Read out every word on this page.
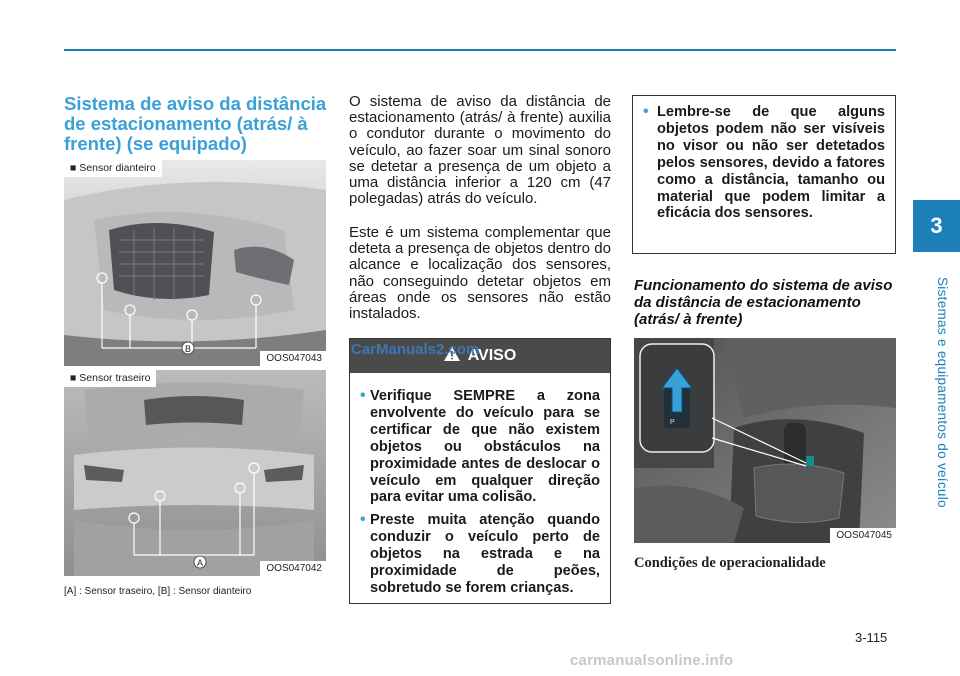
3
Sistemas e equipamentos do veículo
Sistema de aviso da distância de estacionamento (atrás/ à frente) (se equipado)
B
■ Sensor dianteiro
OOS047043
A
■ Sensor traseiro
OOS047042
[A] : Sensor traseiro, [B] : Sensor dianteiro
O sistema de aviso da distância de estacionamento (atrás/ à frente) auxilia o condutor durante o movimento do veículo, ao fazer soar um sinal sonoro se detetar a presença de um objeto a uma distância inferior a 120 cm (47 polegadas) atrás do veículo.
Este é um sistema complementar que deteta a presença de objetos dentro do alcance e localização dos sensores, não conseguindo detetar objetos em áreas onde os sensores não estão instalados.
AVISO
• Verifique SEMPRE a zona envolvente do veículo para se certificar de que não existem objetos ou obstáculos na proximidade antes de deslocar o veículo em qualquer direção para evitar uma colisão.
• Preste muita atenção quando conduzir o veículo perto de objetos na estrada e na proximidade de peões, sobretudo se forem crianças.
CarManuals2.com
• Lembre-se de que alguns objetos podem não ser visíveis no visor ou não ser detetados pelos sensores, devido a fatores como a distância, tamanho ou material que podem limitar a eficácia dos sensores.
Funcionamento do sistema de aviso da distância de estacionamento (atrás/ à frente)
P
OOS047045
Condições de operacionalidade
3-115
carmanualsonline.info
